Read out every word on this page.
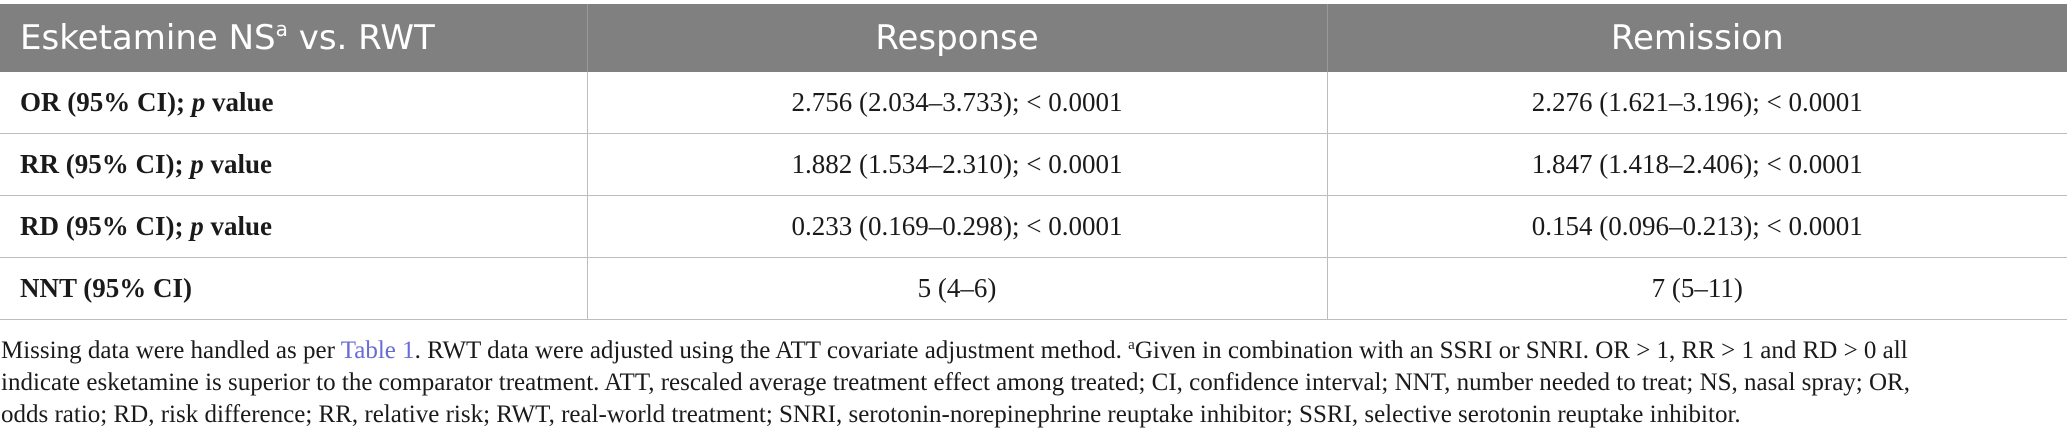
Esketamine $NS^a$ vs. RWT	Response	Remission
OR (95% CI); p value	2.756 (2.034–3.733); < 0.0001	2.276 (1.621–3.196); < 0.0001
RR (95% CI); p value	1.882 (1.534–2.310); < 0.0001	1.847 (1.418–2.406); < 0.0001
RD (95% CI); p value	0.233 (0.169–0.298); < 0.0001	0.154 (0.096–0.213); < 0.0001
NNT (95% CI)	5 (4–6)	7 (5–11)
Missing data were handled as per Table 1. RWT data were adjusted using the ATT covariate adjustment method. $^a$Given in combination with an SSRI or SNRI. OR > 1, RR > 1 and RD > 0 all
indicate esketamine is superior to the comparator treatment. ATT, rescaled average treatment effect among treated; CI, confidence interval; NNT, number needed to treat; NS, nasal spray; OR,
odds ratio; RD, risk difference; RR, relative risk; RWT, real-world treatment; SNRI, serotonin-norepinephrine reuptake inhibitor; SSRI, selective serotonin reuptake inhibitor.
